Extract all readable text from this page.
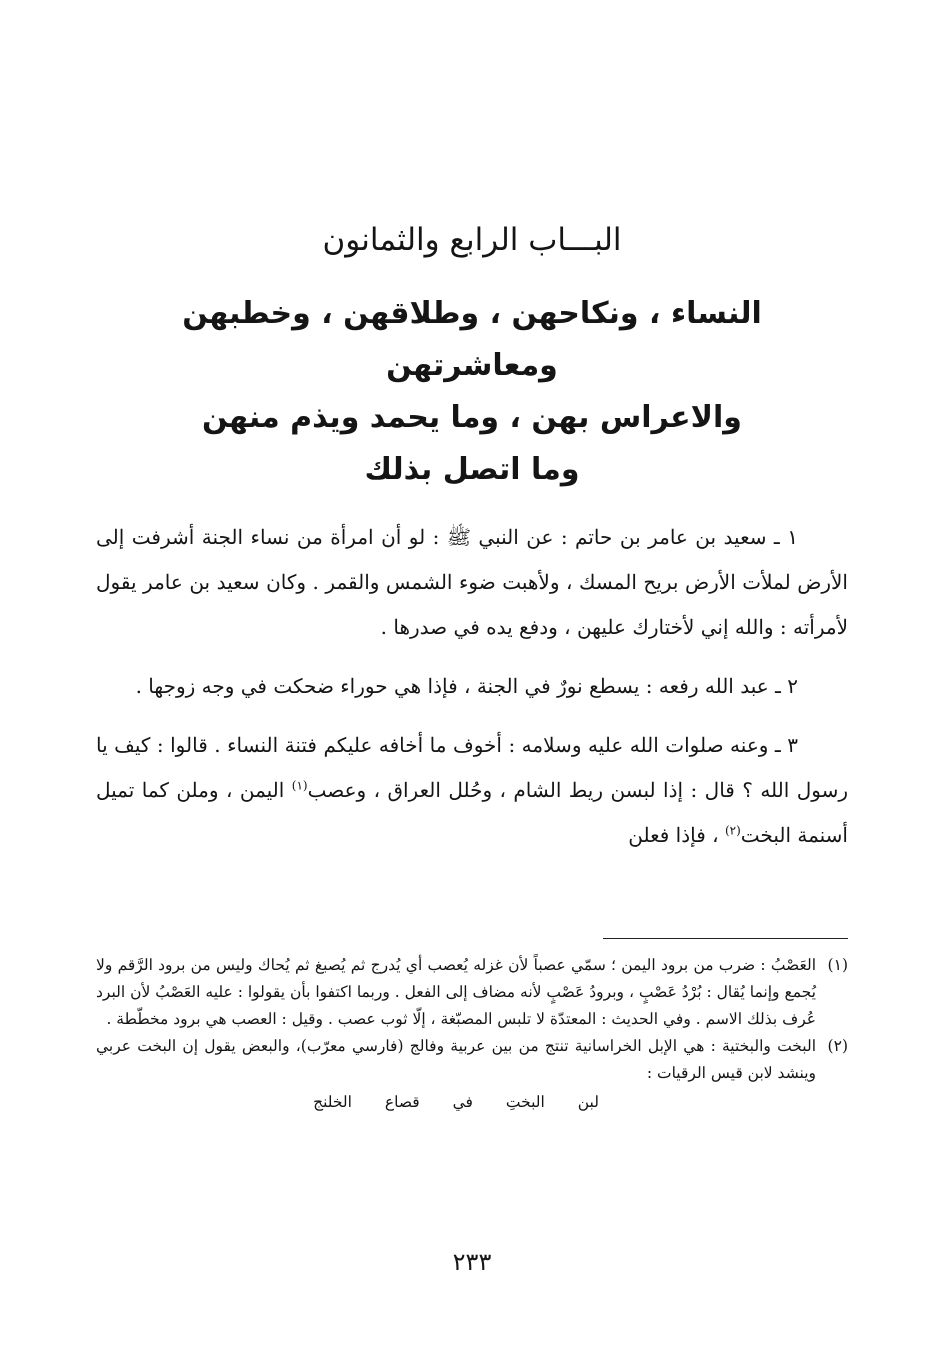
البـــاب الرابع والثمانون
النساء ، ونكاحهن ، وطلاقهن ، وخطبهن ومعاشرتهن
والاعراس بهن ، وما يحمد ويذم منهن
وما اتصل بذلك

١ ـ سعيد بن عامر بن حاتم : عن النبي ﷺ : لو أن امرأة من نساء الجنة أشرفت إلى الأرض لملأت الأرض بريح المسك ، ولأهبت ضوء الشمس والقمر . وكان سعيد بن عامر يقول لأمرأته : والله إني لأختارك عليهن ، ودفع يده في صدرها .

٢ ـ عبد الله رفعه : يسطع نورٌ في الجنة ، فإذا هي حوراء ضحكت في وجه زوجها .

٣ ـ وعنه صلوات الله عليه وسلامه : أخوف ما أخافه عليكم فتنة النساء . قالوا : كيف يا رسول الله ؟ قال : إذا لبسن ريط الشام ، وحُلل العراق ، وعصب$^{(١)}$ اليمن ، وملن كما تميل أسنمة البخت$^{(٢)}$ ، فإذا فعلن

(١)
العَصْبُ : ضرب من برود اليمن ؛ سمّي عصباً لأن غزله يُعصب أي يُدرج ثم يُصبغ ثم يُحاك وليس من برود الرَّقم ولا يُجمع وإنما يُقال : بُرْدُ عَصْبٍ ، وبرودُ عَصْبٍ لأنه مضاف إلى الفعل . وربما اكتفوا بأن يقولوا : عليه العَصْبُ لأن البرد عُرف بذلك الاسم . وفي الحديث : المعتدّة لا تلبس المصبّغة ، إلّا ثوب عصب . وقيل : العصب هي برود مخطّطة .
(٢)
البخت والبختية : هي الإبل الخراسانية تنتج من بين عربية وفالج (فارسي معرّب)، والبعض يقول إن البخت عربي وينشد لابن قيس الرقيات :
لبن البختِ في قصاع الخلنج
٢٣٣
